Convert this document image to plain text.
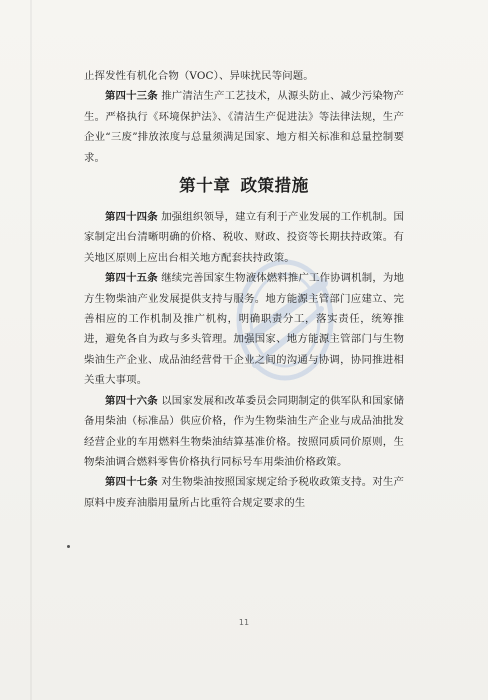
止挥发性有机化合物（VOC）、异味扰民等问题。

第四十三条 推广清洁生产工艺技术，从源头防止、减少污染物产生。严格执行《环境保护法》、《清洁生产促进法》等法律法规，生产企业“三废”排放浓度与总量须满足国家、地方相关标准和总量控制要求。

第十章 政策措施

第四十四条 加强组织领导，建立有利于产业发展的工作机制。国家制定出台清晰明确的价格、税收、财政、投资等长期扶持政策。有关地区原则上应出台相关地方配套扶持政策。

第四十五条 继续完善国家生物液体燃料推广工作协调机制，为地方生物柴油产业发展提供支持与服务。地方能源主管部门应建立、完善相应的工作机制及推广机构，明确职责分工，落实责任，统筹推进，避免各自为政与多头管理。加强国家、地方能源主管部门与生物柴油生产企业、成品油经营骨干企业之间的沟通与协调，协同推进相关重大事项。

第四十六条 以国家发展和改革委员会同期制定的供军队和国家储备用柴油（标准品）供应价格，作为生物柴油生产企业与成品油批发经营企业的车用燃料生物柴油结算基准价格。按照同质同价原则，生物柴油调合燃料零售价格执行同标号车用柴油价格政策。

第四十七条 对生物柴油按照国家规定给予税收政策支持。对生产原料中废弃油脂用量所占比重符合规定要求的生

11
